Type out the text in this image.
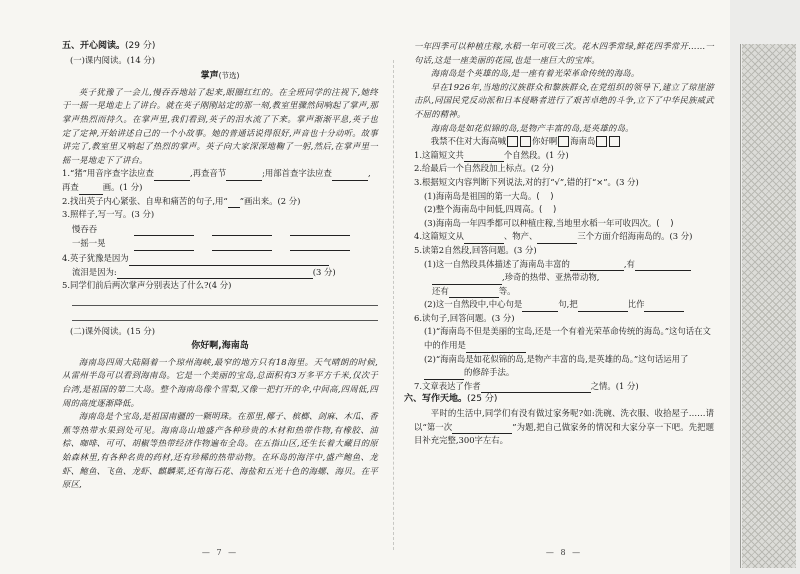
五、开心阅读。(29 分)
(一)课内阅读。(14 分)
掌声(节选)

英子犹豫了一会儿,慢吞吞地站了起来,眼圈红红的。在全班同学的注视下,她终于一摇一晃地走上了讲台。就在英子刚刚站定的那一刻,教室里骤然间响起了掌声,那掌声热烈而持久。在掌声里,我们看到,英子的泪水流了下来。掌声渐渐平息,英子也定了定神,开始讲述自己的一个小故事。她的普通话说得很好,声音也十分动听。故事讲完了,教室里又响起了热烈的掌声。英子向大家深深地鞠了一躬,然后,在掌声里一摇一晃地走下了讲台。

1.“猪”用音序查字法应查	,再查音节	;用部首查字法应查	,再查	画。(1 分)

2.找出英子内心紧张、自卑和痛苦的句子,用“ ”画出来。(2 分)

3.照样子,写一写。(3 分)

慢吞吞
一摇一晃

4.英子犹豫是因为

流泪是因为:	(3 分)

5.同学们前后两次掌声分别表达了什么?(4 分)

(二)课外阅读。(15 分)
你好啊,海南岛

海南岛四周大陆隔着一个琼州海峡,最窄的地方只有18海里。天气晴朗的时候,从雷州半岛可以看到海南岛。它是一个美丽的宝岛,总面积有3万多平方千米,仅次于台湾,是祖国的第二大岛。整个海南岛像个雪梨,又像一把打开的伞,中间高,四周低,四周的高度逐渐降低。

海南岛是个宝岛,是祖国南疆的一颗明珠。在那里,椰子、槟榔、剑麻、木瓜、香蕉等热带水果到处可见。海南岛山地盛产各种珍贵的木材和热带作物,有橡胶、油棕、咖啡、可可、胡椒等热带经济作物遍布全岛。在五指山区,还生长着大藏目的原始森林里,有各种名贵的药材,还有珍稀的热带动物。在环岛的海洋中,盛产鲍鱼、龙虾、鲍鱼、飞鱼、龙虾、麒麟菜,还有海石花、海盐和五光十色的海螺、海贝。在平原区,

— 7 —

一年四季可以种植庄稼,水稻一年可收三次。花木四季常绿,鲜花四季常开……一句话,这是一座美丽的花园,也是一座巨大的宝库。

海南岛是个英雄的岛,是一座有着光荣革命传统的海岛。

早在1926年,当地的汉族群众和黎族群众,在党组织的领导下,建立了琼崖游击队,同国民党反动派和日本侵略者进行了艰苦卓绝的斗争,立下了中华民族威武不屈的精神。

海南岛是如花似锦的岛,是物产丰富的岛,是英雄的岛。

我禁不住对大海高喊	你好啊 海南岛

1.这篇短文共	个自然段。(1 分)

2.给最后一个自然段加上标点。(2 分)

3.根据短文内容判断下列说法,对的打“√”,错的打“×”。(3 分)

(1)海南岛是祖国的第一大岛。(    )

(2)整个海南岛中间低,四周高。(    )

(3)海南岛一年四季都可以种植庄稼,当地里水稻一年可收四次。(    )

4.这篇短文从	、物产、	三个方面介绍海南岛的。(3 分)

5.读第2自然段,回答问题。(3 分)

(1)这一自然段具体描述了海南岛丰富的	,有

,珍奇的热带、亚热带动物,

还有	等。

(2)这一自然段中,中心句是	句,把	比作

6.读句子,回答问题。(3 分)

(1)“海南岛不但是美丽的宝岛,还是一个有着光荣革命传统的海岛。”这句话在文中的作用是

(2)“海南岛是如花似锦的岛,是物产丰富的岛,是英雄的岛。”这句话运用了的修辞手法。

7.文章表达了作者	之情。(1 分)

六、写作天地。(25 分)

平时的生活中,同学们有没有做过家务呢?如:洗碗、洗衣服、收拾屋子……请以“第一次	”为题,把自己做家务的情况和大家分享一下吧。先把题目补充完整,300字左右。

— 8 —
